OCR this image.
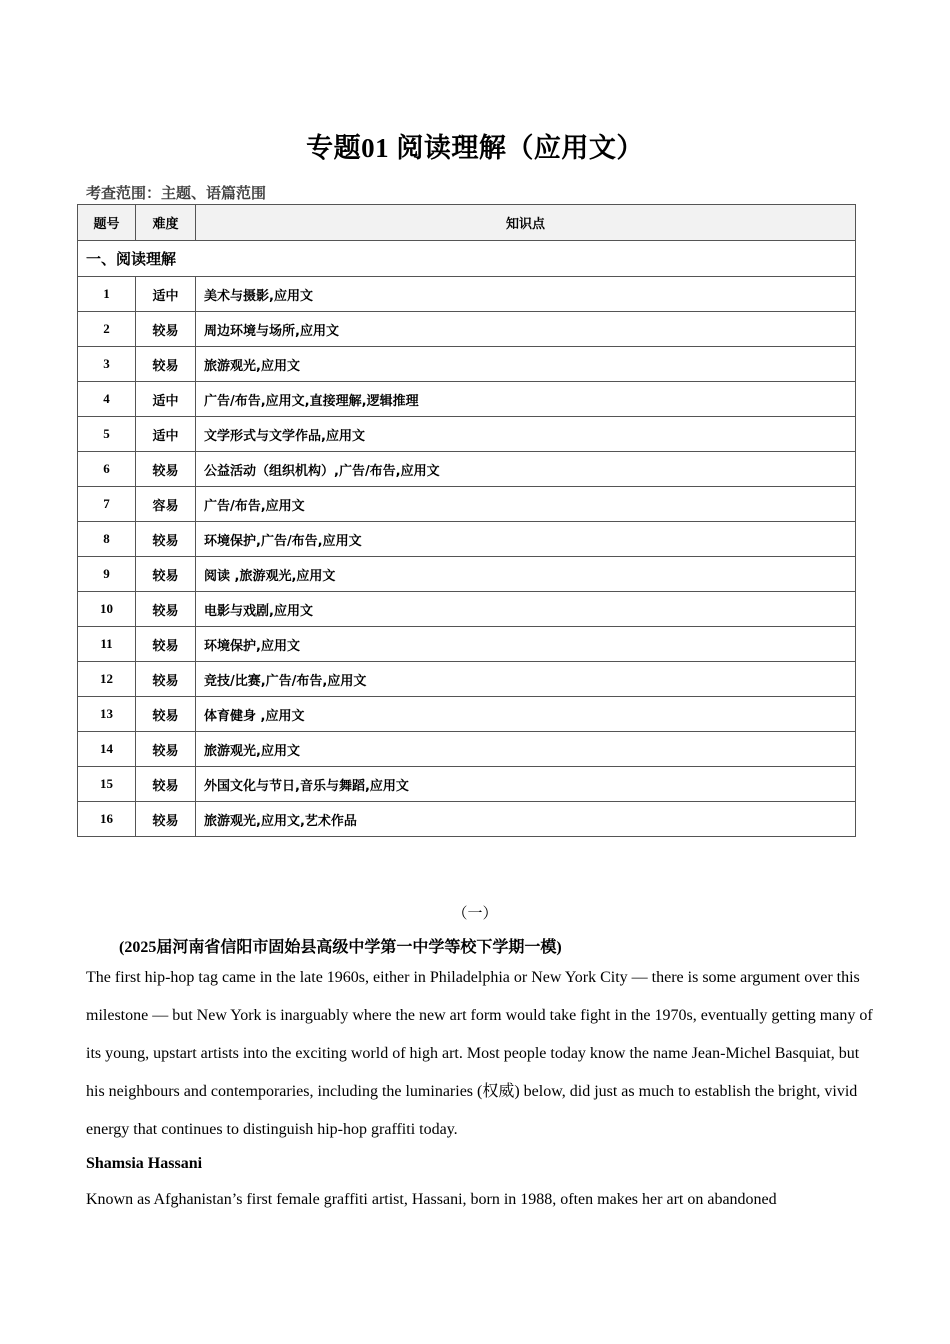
专题01 阅读理解（应用文）
考查范围：主题、语篇范围
题号	难度	知识点
一、阅读理解		
1	适中	美术与摄影,应用文
2	较易	周边环境与场所,应用文
3	较易	旅游观光,应用文
4	适中	广告/布告,应用文,直接理解,逻辑推理
5	适中	文学形式与文学作品,应用文
6	较易	公益活动（组织机构）,广告/布告,应用文
7	容易	广告/布告,应用文
8	较易	环境保护,广告/布告,应用文
9	较易	阅读 ,旅游观光,应用文
10	较易	电影与戏剧,应用文
11	较易	环境保护,应用文
12	较易	竞技/比赛,广告/布告,应用文
13	较易	体育健身 ,应用文
14	较易	旅游观光,应用文
15	较易	外国文化与节日,音乐与舞蹈,应用文
16	较易	旅游观光,应用文,艺术作品
（一）
(2025届河南省信阳市固始县高级中学第一中学等校下学期一模)
The first hip-hop tag came in the late 1960s, either in Philadelphia or New York City — there is some argument over this milestone — but New York is inarguably where the new art form would take fight in the 1970s, eventually getting many of its young, upstart artists into the exciting world of high art. Most people today know the name Jean-Michel Basquiat, but his neighbours and contemporaries, including the luminaries (权威) below, did just as much to establish the bright, vivid energy that continues to distinguish hip-hop graffiti today.
Shamsia Hassani
Known as Afghanistan’s first female graffiti artist, Hassani, born in 1988, often makes her art on abandoned
